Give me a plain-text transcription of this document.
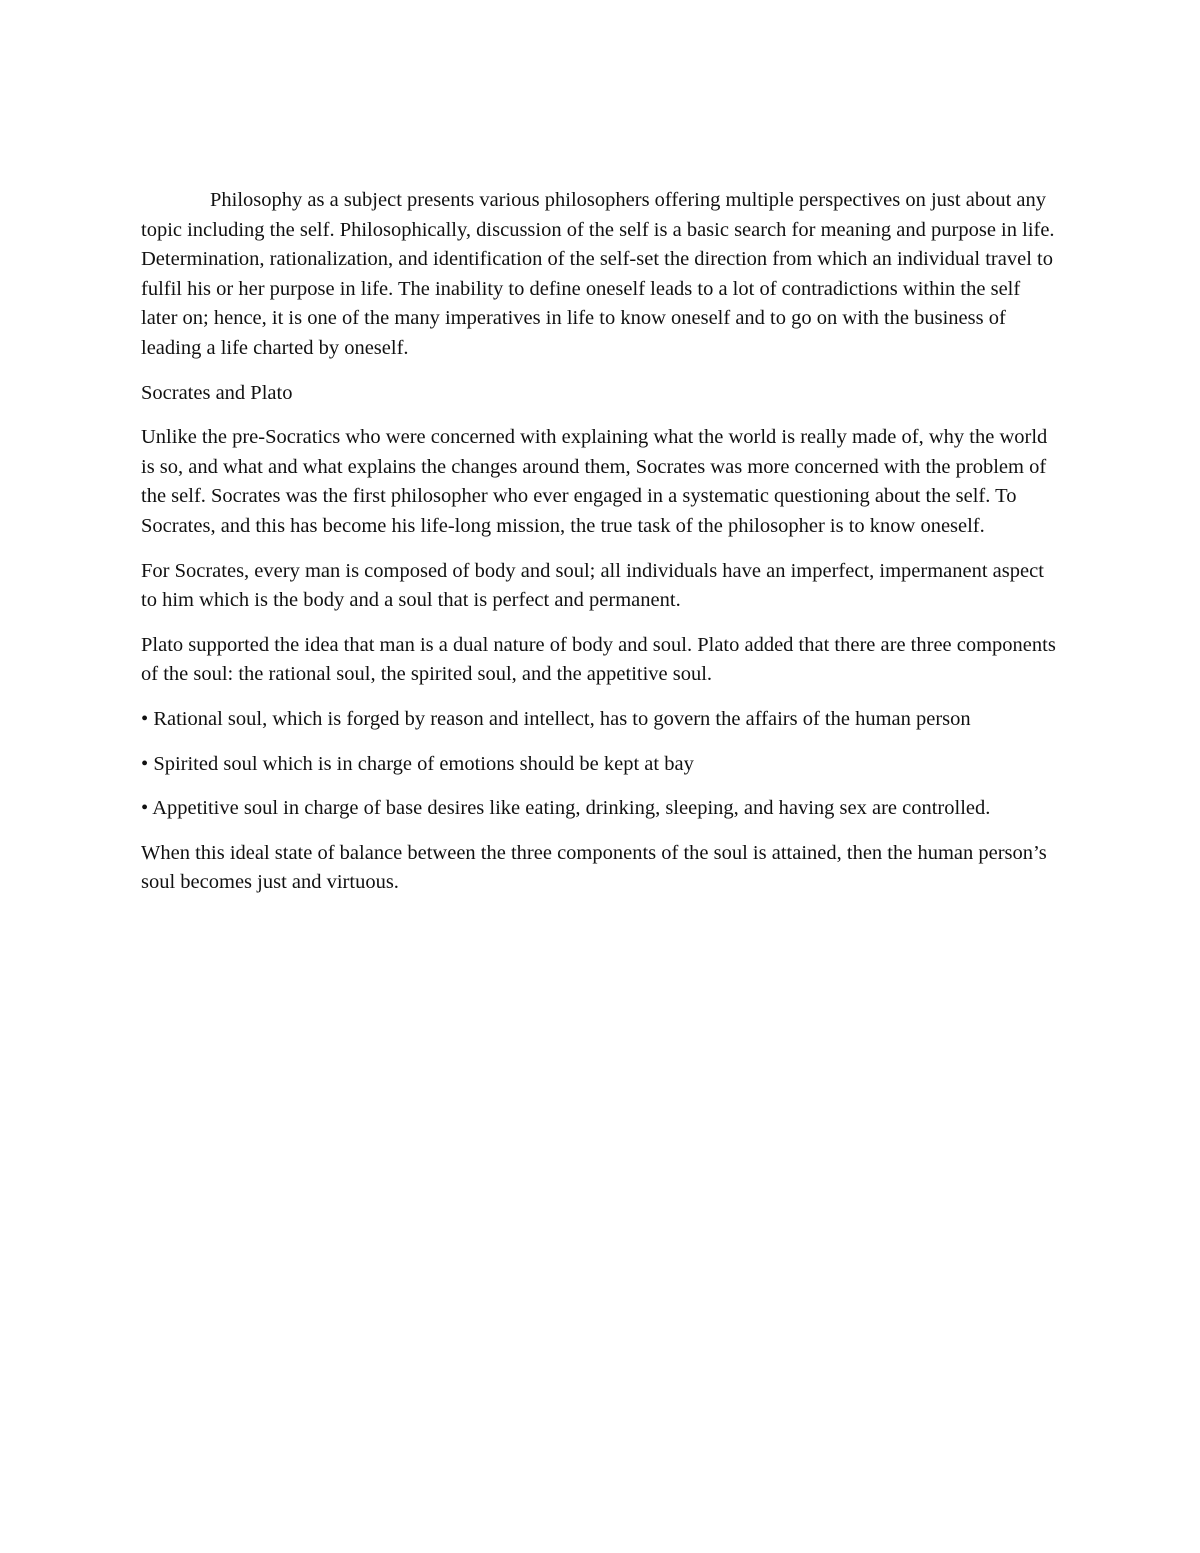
Philosophy as a subject presents various philosophers offering multiple perspectives on just about any topic including the self. Philosophically, discussion of the self is a basic search for meaning and purpose in life. Determination, rationalization, and identification of the self-set the direction from which an individual travel to fulfil his or her purpose in life. The inability to define oneself leads to a lot of contradictions within the self later on; hence, it is one of the many imperatives in life to know oneself and to go on with the business of leading a life charted by oneself.

Socrates and Plato

Unlike the pre-Socratics who were concerned with explaining what the world is really made of, why the world is so, and what and what explains the changes around them, Socrates was more concerned with the problem of the self. Socrates was the first philosopher who ever engaged in a systematic questioning about the self. To Socrates, and this has become his life-long mission, the true task of the philosopher is to know oneself.

For Socrates, every man is composed of body and soul; all individuals have an imperfect, impermanent aspect to him which is the body and a soul that is perfect and permanent.

Plato supported the idea that man is a dual nature of body and soul. Plato added that there are three components of the soul: the rational soul, the spirited soul, and the appetitive soul.

• Rational soul, which is forged by reason and intellect, has to govern the affairs of the human person

• Spirited soul which is in charge of emotions should be kept at bay

• Appetitive soul in charge of base desires like eating, drinking, sleeping, and having sex are controlled.

When this ideal state of balance between the three components of the soul is attained, then the human person’s soul becomes just and virtuous.
